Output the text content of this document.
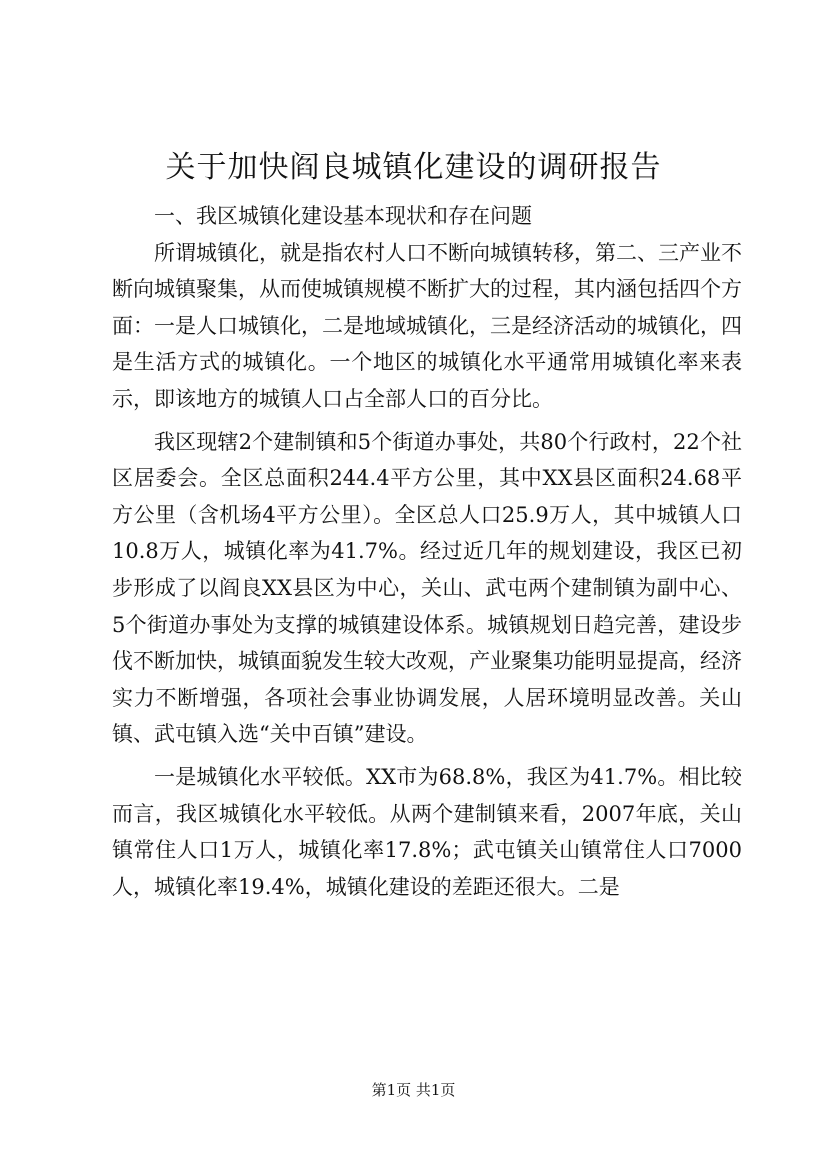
关于加快阎良城镇化建设的调研报告

一、我区城镇化建设基本现状和存在问题

所谓城镇化，就是指农村人口不断向城镇转移，第二、三产业不断向城镇聚集，从而使城镇规模不断扩大的过程，其内涵包括四个方面：一是人口城镇化，二是地域城镇化，三是经济活动的城镇化，四是生活方式的城镇化。一个地区的城镇化水平通常用城镇化率来表示，即该地方的城镇人口占全部人口的百分比。

我区现辖2个建制镇和5个街道办事处，共80个行政村，22个社区居委会。全区总面积244.4平方公里，其中XX县区面积24.68平方公里（含机场4平方公里）。全区总人口25.9万人，其中城镇人口10.8万人，城镇化率为41.7%。经过近几年的规划建设，我区已初步形成了以阎良XX县区为中心，关山、武屯两个建制镇为副中心、5个街道办事处为支撑的城镇建设体系。城镇规划日趋完善，建设步伐不断加快，城镇面貌发生较大改观，产业聚集功能明显提高，经济实力不断增强，各项社会事业协调发展，人居环境明显改善。关山镇、武屯镇入选“关中百镇”建设。

一是城镇化水平较低。XX市为68.8%，我区为41.7%。相比较而言，我区城镇化水平较低。从两个建制镇来看，2007年底，关山镇常住人口1万人，城镇化率17.8%；武屯镇关山镇常住人口7000人，城镇化率19.4%，城镇化建设的差距还很大。二是

第1页 共1页
